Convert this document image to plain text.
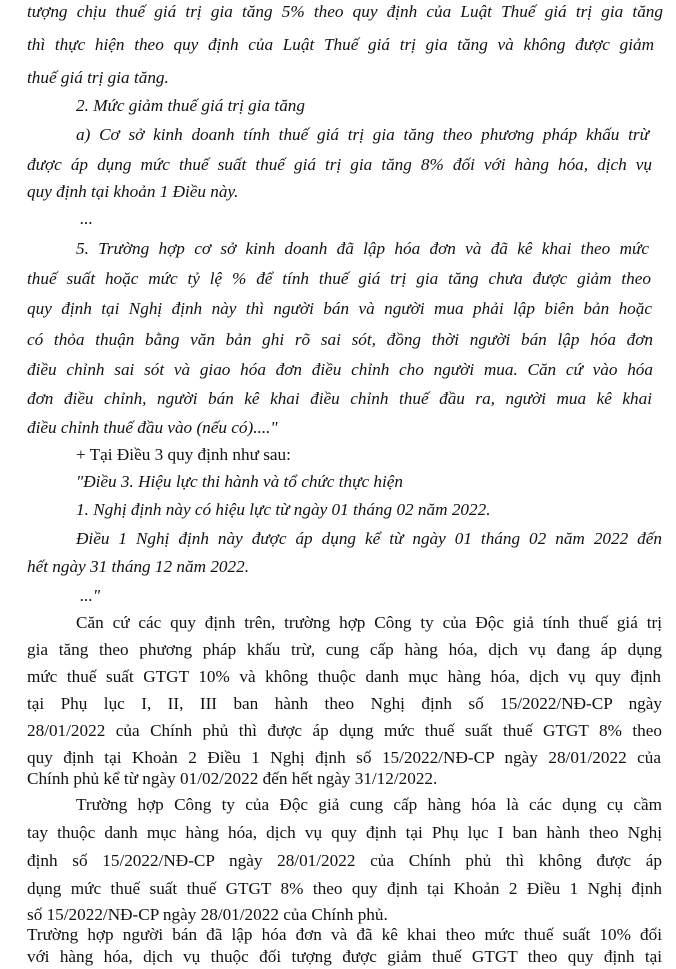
tượng chịu thuế giá trị gia tăng 5% theo quy định của Luật Thuế giá trị gia tăng
thì thực hiện theo quy định của Luật Thuế giá trị gia tăng và không được giảm
thuế giá trị gia tăng.
2. Mức giảm thuế giá trị gia tăng
a) Cơ sở kinh doanh tính thuế giá trị gia tăng theo phương pháp khấu trừ
được áp dụng mức thuế suất thuế giá trị gia tăng 8% đối với hàng hóa, dịch vụ
quy định tại khoản 1 Điều này.
...
5. Trường hợp cơ sở kinh doanh đã lập hóa đơn và đã kê khai theo mức
thuế suất hoặc mức tỷ lệ % để tính thuế giá trị gia tăng chưa được giảm theo
quy định tại Nghị định này thì người bán và người mua phải lập biên bản hoặc
có thỏa thuận bằng văn bản ghi rõ sai sót, đồng thời người bán lập hóa đơn
điều chỉnh sai sót và giao hóa đơn điều chỉnh cho người mua. Căn cứ vào hóa
đơn điều chỉnh, người bán kê khai điều chỉnh thuế đầu ra, người mua kê khai
điều chỉnh thuế đầu vào (nếu có)...."
+ Tại Điều 3 quy định như sau:
"Điều 3. Hiệu lực thi hành và tổ chức thực hiện
1. Nghị định này có hiệu lực từ ngày 01 tháng 02 năm 2022.
Điều 1 Nghị định này được áp dụng kể từ ngày 01 tháng 02 năm 2022 đến
hết ngày 31 tháng 12 năm 2022.
..."
Căn cứ các quy định trên, trường hợp Công ty của Độc giả tính thuế giá trị
gia tăng theo phương pháp khấu trừ, cung cấp hàng hóa, dịch vụ đang áp dụng
mức thuế suất GTGT 10% và không thuộc danh mục hàng hóa, dịch vụ quy định
tại Phụ lục I, II, III ban hành theo Nghị định số 15/2022/NĐ-CP ngày
28/01/2022 của Chính phủ thì được áp dụng mức thuế suất thuế GTGT 8% theo
quy định tại Khoản 2 Điều 1 Nghị định số 15/2022/NĐ-CP ngày 28/01/2022 của
Chính phủ kể từ ngày 01/02/2022 đến hết ngày 31/12/2022.
Trường hợp Công ty của Độc giả cung cấp hàng hóa là các dụng cụ cầm
tay thuộc danh mục hàng hóa, dịch vụ quy định tại Phụ lục I ban hành theo Nghị
định số 15/2022/NĐ-CP ngày 28/01/2022 của Chính phủ thì không được áp
dụng mức thuế suất thuế GTGT 8% theo quy định tại Khoản 2 Điều 1 Nghị định
số 15/2022/NĐ-CP ngày 28/01/2022 của Chính phủ.
Trường hợp người bán đã lập hóa đơn và đã kê khai theo mức thuế suất 10% đối
với hàng hóa, dịch vụ thuộc đối tượng được giảm thuế GTGT theo quy định tại
